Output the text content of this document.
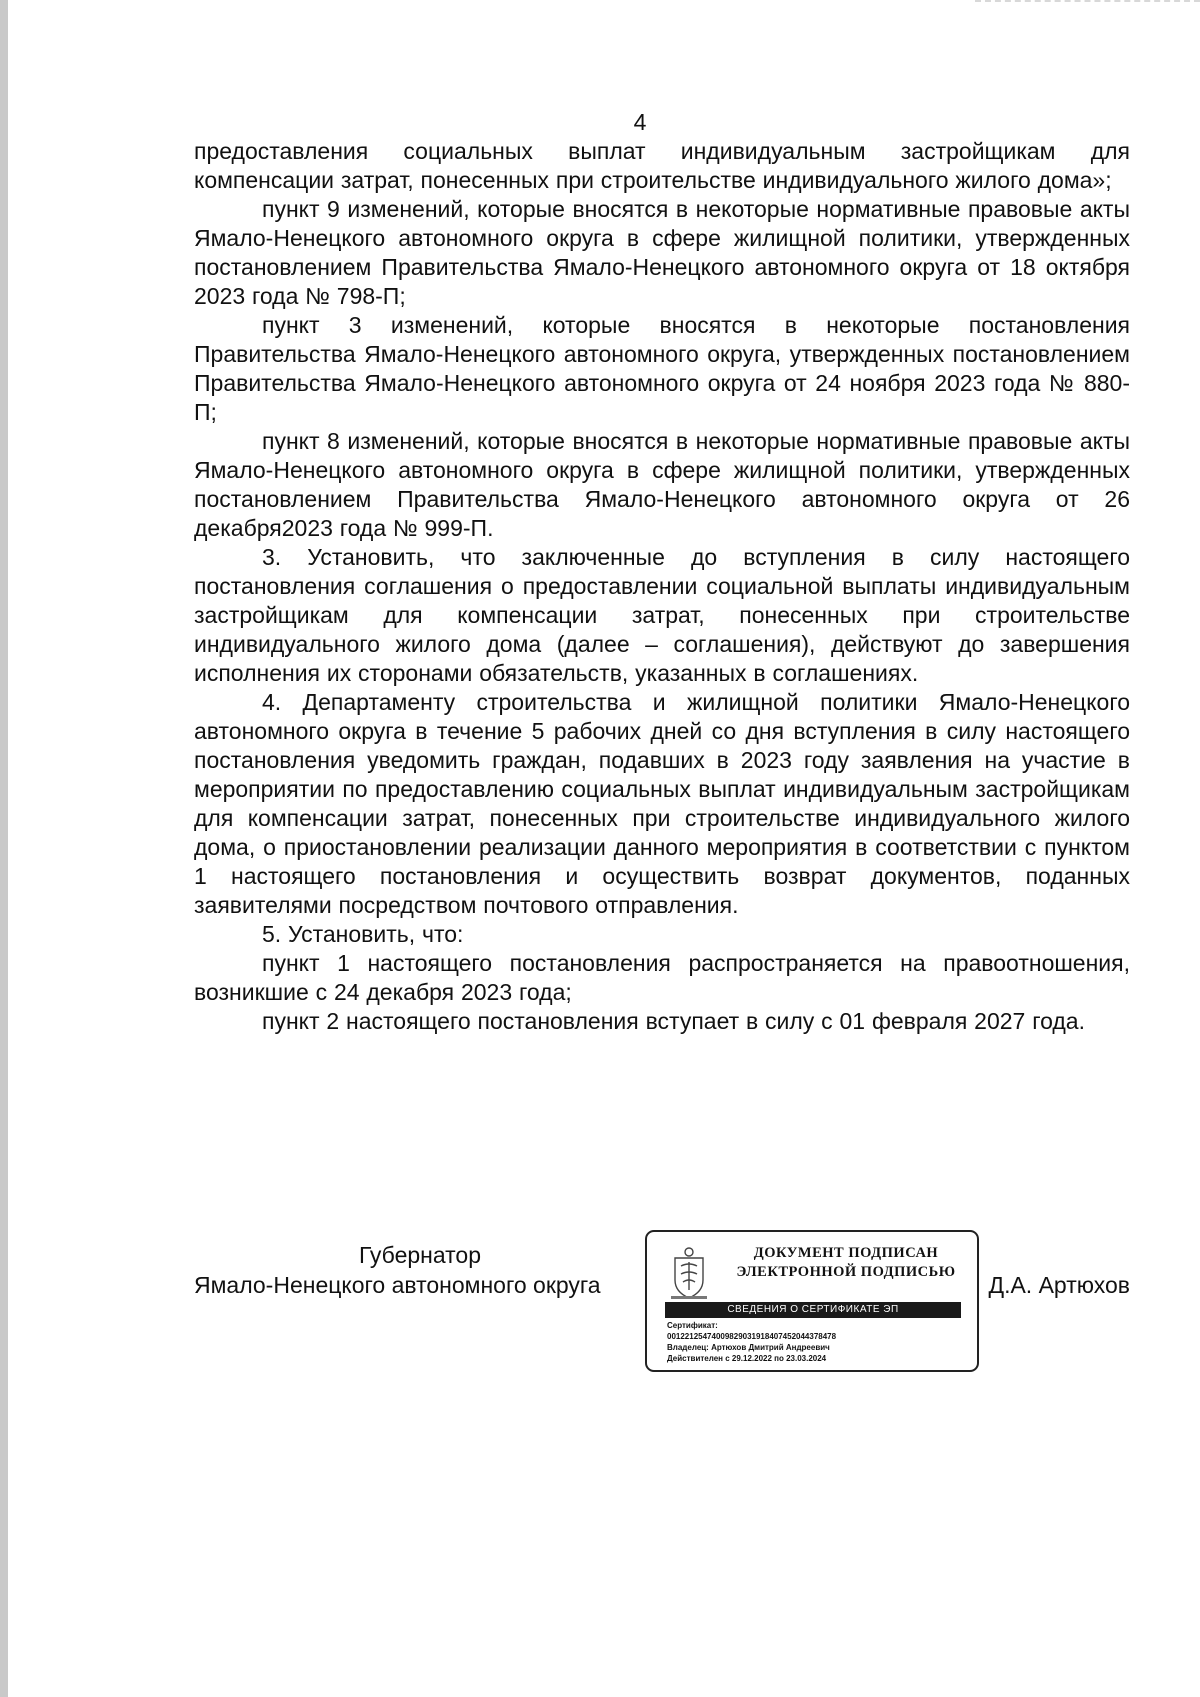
4

предоставления социальных выплат индивидуальным застройщикам для компенсации затрат, понесенных при строительстве индивидуального жилого дома»;

пункт 9 изменений, которые вносятся в некоторые нормативные правовые акты Ямало-Ненецкого автономного округа в сфере жилищной политики, утвержденных постановлением Правительства Ямало-Ненецкого автономного округа от 18 октября 2023 года № 798-П;

пункт 3 изменений, которые вносятся в некоторые постановления Правительства Ямало-Ненецкого автономного округа, утвержденных постановлением Правительства Ямало-Ненецкого автономного округа от 24 ноября 2023 года № 880-П;

пункт 8 изменений, которые вносятся в некоторые нормативные правовые акты Ямало-Ненецкого автономного округа в сфере жилищной политики, утвержденных постановлением Правительства Ямало-Ненецкого автономного округа от 26 декабря2023 года № 999-П.

3. Установить, что заключенные до вступления в силу настоящего постановления соглашения о предоставлении социальной выплаты индивидуальным застройщикам для компенсации затрат, понесенных при строительстве индивидуального жилого дома (далее – соглашения), действуют до завершения исполнения их сторонами обязательств, указанных в соглашениях.

4. Департаменту строительства и жилищной политики Ямало-Ненецкого автономного округа в течение 5 рабочих дней со дня вступления в силу настоящего постановления уведомить граждан, подавших в 2023 году заявления на участие в мероприятии по предоставлению социальных выплат индивидуальным застройщикам для компенсации затрат, понесенных при строительстве индивидуального жилого дома, о приостановлении реализации данного мероприятия в соответствии с пунктом 1 настоящего постановления и осуществить возврат документов, поданных заявителями посредством почтового отправления.

5. Установить, что:

пункт 1 настоящего постановления распространяется на правоотношения, возникшие с 24 декабря 2023 года;

пункт 2 настоящего постановления вступает в силу с 01 февраля 2027 года.

Губернатор
Ямало-Ненецкого автономного округа	Д.А. Артюхов
ДОКУМЕНТ ПОДПИСАН
ЭЛЕКТРОННОЙ ПОДПИСЬЮ
СВЕДЕНИЯ О СЕРТИФИКАТЕ ЭП
Сертификат:
00122125474009829031918407452044378478
Владелец: Артюхов Дмитрий Андреевич
Действителен с 29.12.2022 по 23.03.2024
